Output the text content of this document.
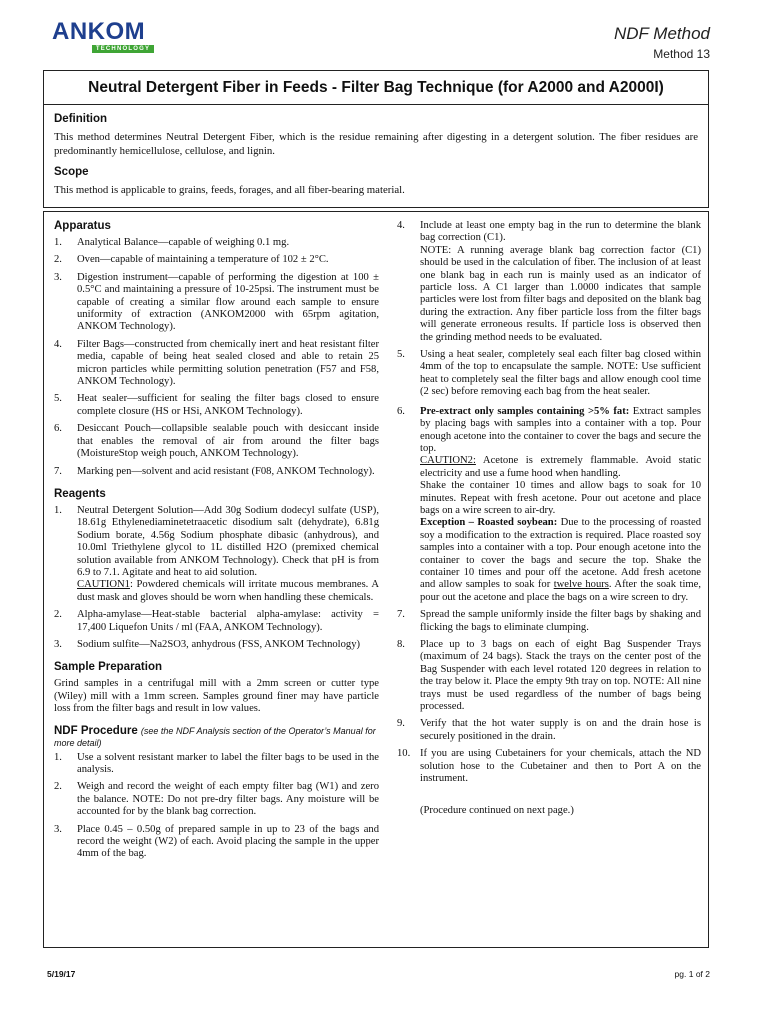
ANKOM
TECHNOLOGY
NDF Method
Method 13
Neutral Detergent Fiber in Feeds - Filter Bag Technique (for A2000 and A2000I)
Definition
This method determines Neutral Detergent Fiber, which is the residue remaining after digesting in a detergent solution. The fiber residues are predominantly hemicellulose, cellulose, and lignin.
Scope
This method is applicable to grains, feeds, forages, and all fiber-bearing material.
Apparatus
1.	Analytical Balance—capable of weighing 0.1 mg.
2.	Oven—capable of maintaining a temperature of 102 ± 2°C.
3.	Digestion instrument—capable of performing the digestion at 100 ± 0.5°C and maintaining a pressure of 10-25psi. The instrument must be capable of creating a similar flow around each sample to ensure uniformity of extraction (ANKOM2000 with 65rpm agitation, ANKOM Technology).
4.	Filter Bags—constructed from chemically inert and heat resistant filter media, capable of being heat sealed closed and able to retain 25 micron particles while permitting solution penetration (F57 and F58, ANKOM Technology).
5.	Heat sealer—sufficient for sealing the filter bags closed to ensure complete closure (HS or HSi, ANKOM Technology).
6.	Desiccant Pouch—collapsible sealable pouch with desiccant inside that enables the removal of air from around the filter bags (MoistureStop weigh pouch, ANKOM Technology).
7.	Marking pen—solvent and acid resistant (F08, ANKOM Technology).
Reagents
1.	Neutral Detergent Solution—Add 30g Sodium dodecyl sulfate (USP), 18.61g Ethylenediaminetetraacetic disodium salt (dehydrate), 6.81g Sodium borate, 4.56g Sodium phosphate dibasic (anhydrous), and 10.0ml Triethylene glycol to 1L distilled H2O (premixed chemical solution available from ANKOM Technology). Check that pH is from 6.9 to 7.1. Agitate and heat to aid solution.
CAUTION1: Powdered chemicals will irritate mucous membranes. A dust mask and gloves should be worn when handling these chemicals.
2.	Alpha-amylase—Heat-stable bacterial alpha-amylase: activity = 17,400 Liquefon Units / ml (FAA, ANKOM Technology).
3.	Sodium sulfite—Na2SO3, anhydrous (FSS, ANKOM Technology)
Sample Preparation
Grind samples in a centrifugal mill with a 2mm screen or cutter type (Wiley) mill with a 1mm screen. Samples ground finer may have particle loss from the filter bags and result in low values.
NDF Procedure (see the NDF Analysis section of the Operator’s Manual for more detail)
1.	Use a solvent resistant marker to label the filter bags to be used in the analysis.
2.	Weigh and record the weight of each empty filter bag (W1) and zero the balance. NOTE: Do not pre-dry filter bags. Any moisture will be accounted for by the blank bag correction.
3.	Place 0.45 – 0.50g of prepared sample in up to 23 of the bags and record the weight (W2) of each. Avoid placing the sample in the upper 4mm of the bag.
4.	Include at least one empty bag in the run to determine the blank bag correction (C1).
NOTE: A running average blank bag correction factor (C1) should be used in the calculation of fiber. The inclusion of at least one blank bag in each run is mainly used as an indicator of particle loss. A C1 larger than 1.0000 indicates that sample particles were lost from filter bags and deposited on the blank bag during the extraction. Any fiber particle loss from the filter bags will generate erroneous results. If particle loss is observed then the grinding method needs to be evaluated.
5.	Using a heat sealer, completely seal each filter bag closed within 4mm of the top to encapsulate the sample. NOTE: Use sufficient heat to completely seal the filter bags and allow enough cool time (2 sec) before removing each bag from the heat sealer.
6.	Pre-extract only samples containing >5% fat: Extract samples by placing bags with samples into a container with a top. Pour enough acetone into the container to cover the bags and secure the top.
CAUTION2: Acetone is extremely flammable. Avoid static electricity and use a fume hood when handling.
Shake the container 10 times and allow bags to soak for 10 minutes. Repeat with fresh acetone. Pour out acetone and place bags on a wire screen to air-dry.
Exception – Roasted soybean: Due to the processing of roasted soy a modification to the extraction is required. Place roasted soy samples into a container with a top. Pour enough acetone into the container to cover the bags and secure the top. Shake the container 10 times and pour off the acetone. Add fresh acetone and allow samples to soak for twelve hours. After the soak time, pour out the acetone and place the bags on a wire screen to dry.
7.	Spread the sample uniformly inside the filter bags by shaking and flicking the bags to eliminate clumping.
8.	Place up to 3 bags on each of eight Bag Suspender Trays (maximum of 24 bags). Stack the trays on the center post of the Bag Suspender with each level rotated 120 degrees in relation to the tray below it. Place the empty 9th tray on top. NOTE: All nine trays must be used regardless of the number of bags being processed.
9.	Verify that the hot water supply is on and the drain hose is securely positioned in the drain.
10. If you are using Cubetainers for your chemicals, attach the ND solution hose to the Cubetainer and then to Port A on the instrument.
(Procedure continued on next page.)
5/19/17	pg. 1 of 2
